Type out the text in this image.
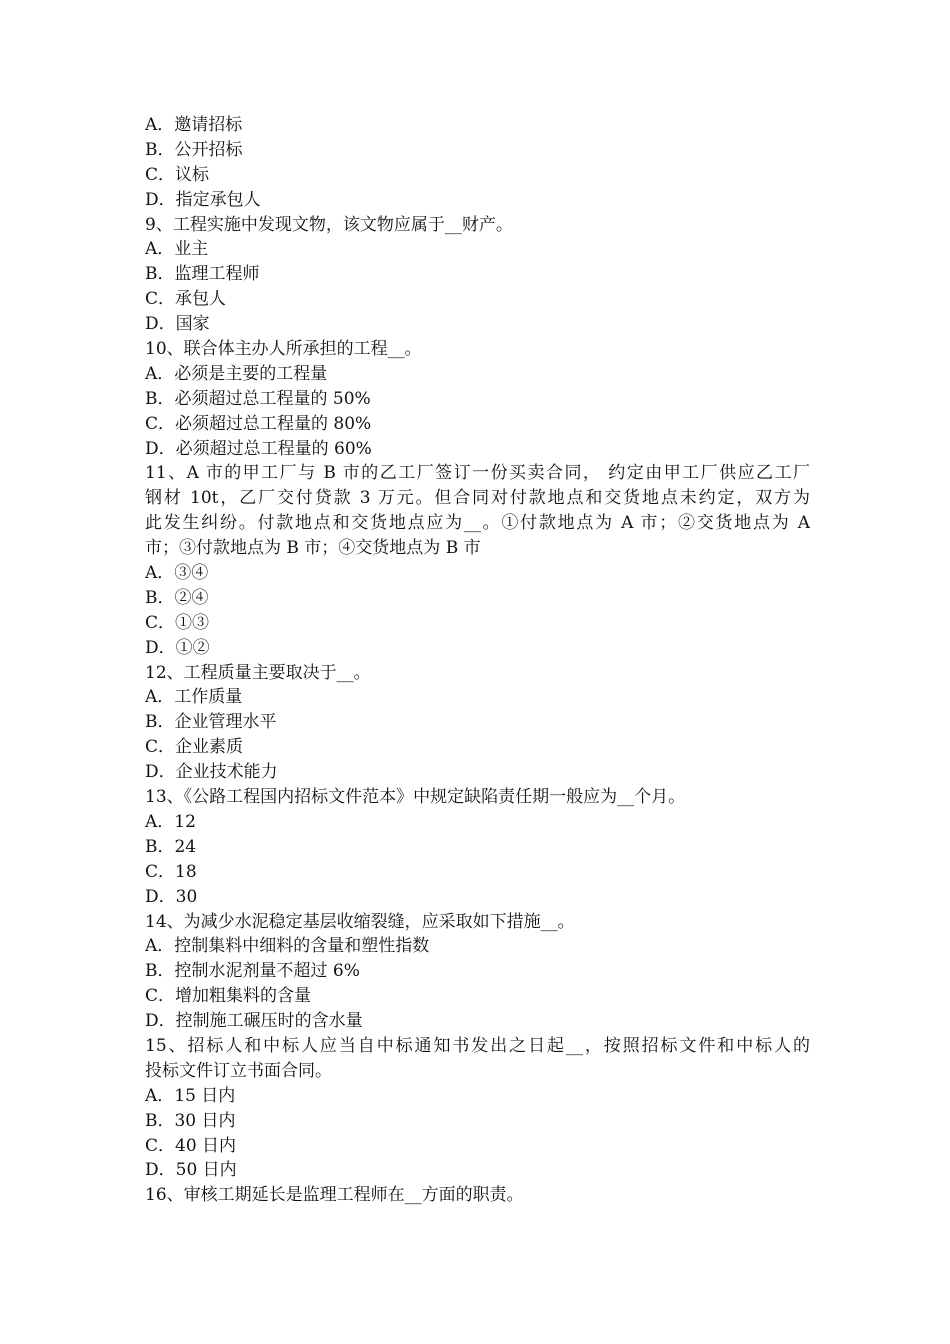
A．邀请招标
B．公开招标
C．议标
D．指定承包人
9、工程实施中发现文物，该文物应属于__财产。
A．业主
B．监理工程师
C．承包人
D．国家
10、联合体主办人所承担的工程__。
A．必须是主要的工程量
B．必须超过总工程量的 50%
C．必须超过总工程量的 80%
D．必须超过总工程量的 60%
11、A 市的甲工厂与 B 市的乙工厂签订一份买卖合同， 约定由甲工厂供应乙工厂
钢材 10t，乙厂交付贷款 3 万元。但合同对付款地点和交货地点未约定，双方为
此发生纠纷。付款地点和交货地点应为__。①付款地点为 A 市；②交货地点为 A
市；③付款地点为 B 市；④交货地点为 B 市
A．③④
B．②④
C．①③
D．①②
12、工程质量主要取决于__。
A．工作质量
B．企业管理水平
C．企业素质
D．企业技术能力
13、《公路工程国内招标文件范本》中规定缺陷责任期一般应为__个月。
A．12
B．24
C．18
D．30
14、为减少水泥稳定基层收缩裂缝，应采取如下措施__。
A．控制集料中细料的含量和塑性指数
B．控制水泥剂量不超过 6%
C．增加粗集料的含量
D．控制施工碾压时的含水量
15、招标人和中标人应当自中标通知书发出之日起__，按照招标文件和中标人的
投标文件订立书面合同。
A．15 日内
B．30 日内
C．40 日内
D．50 日内
16、审核工期延长是监理工程师在__方面的职责。
